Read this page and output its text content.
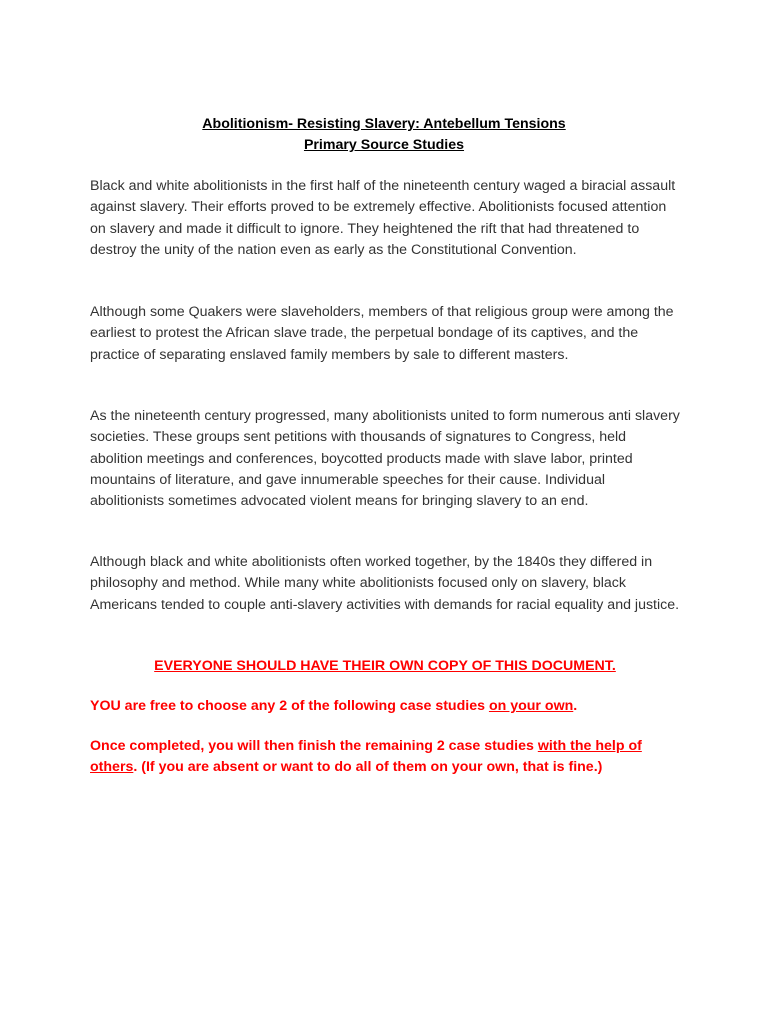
Abolitionism- Resisting Slavery: Antebellum Tensions
Primary Source Studies

Black and white abolitionists in the first half of the nineteenth century waged a biracial assault against slavery. Their efforts proved to be extremely effective. Abolitionists focused attention on slavery and made it difficult to ignore. They heightened the rift that had threatened to destroy the unity of the nation even as early as the Constitutional Convention.

Although some Quakers were slaveholders, members of that religious group were among the earliest to protest the African slave trade, the perpetual bondage of its captives, and the practice of separating enslaved family members by sale to different masters.

As the nineteenth century progressed, many abolitionists united to form numerous anti slavery societies. These groups sent petitions with thousands of signatures to Congress, held abolition meetings and conferences, boycotted products made with slave labor, printed mountains of literature, and gave innumerable speeches for their cause. Individual abolitionists sometimes advocated violent means for bringing slavery to an end.

Although black and white abolitionists often worked together, by the 1840s they differed in philosophy and method. While many white abolitionists focused only on slavery, black Americans tended to couple anti-slavery activities with demands for racial equality and justice.

EVERYONE SHOULD HAVE THEIR OWN COPY OF THIS DOCUMENT.

YOU are free to choose any 2 of the following case studies on your own.

Once completed, you will then finish the remaining 2 case studies with the help of others. (If you are absent or want to do all of them on your own, that is fine.)
